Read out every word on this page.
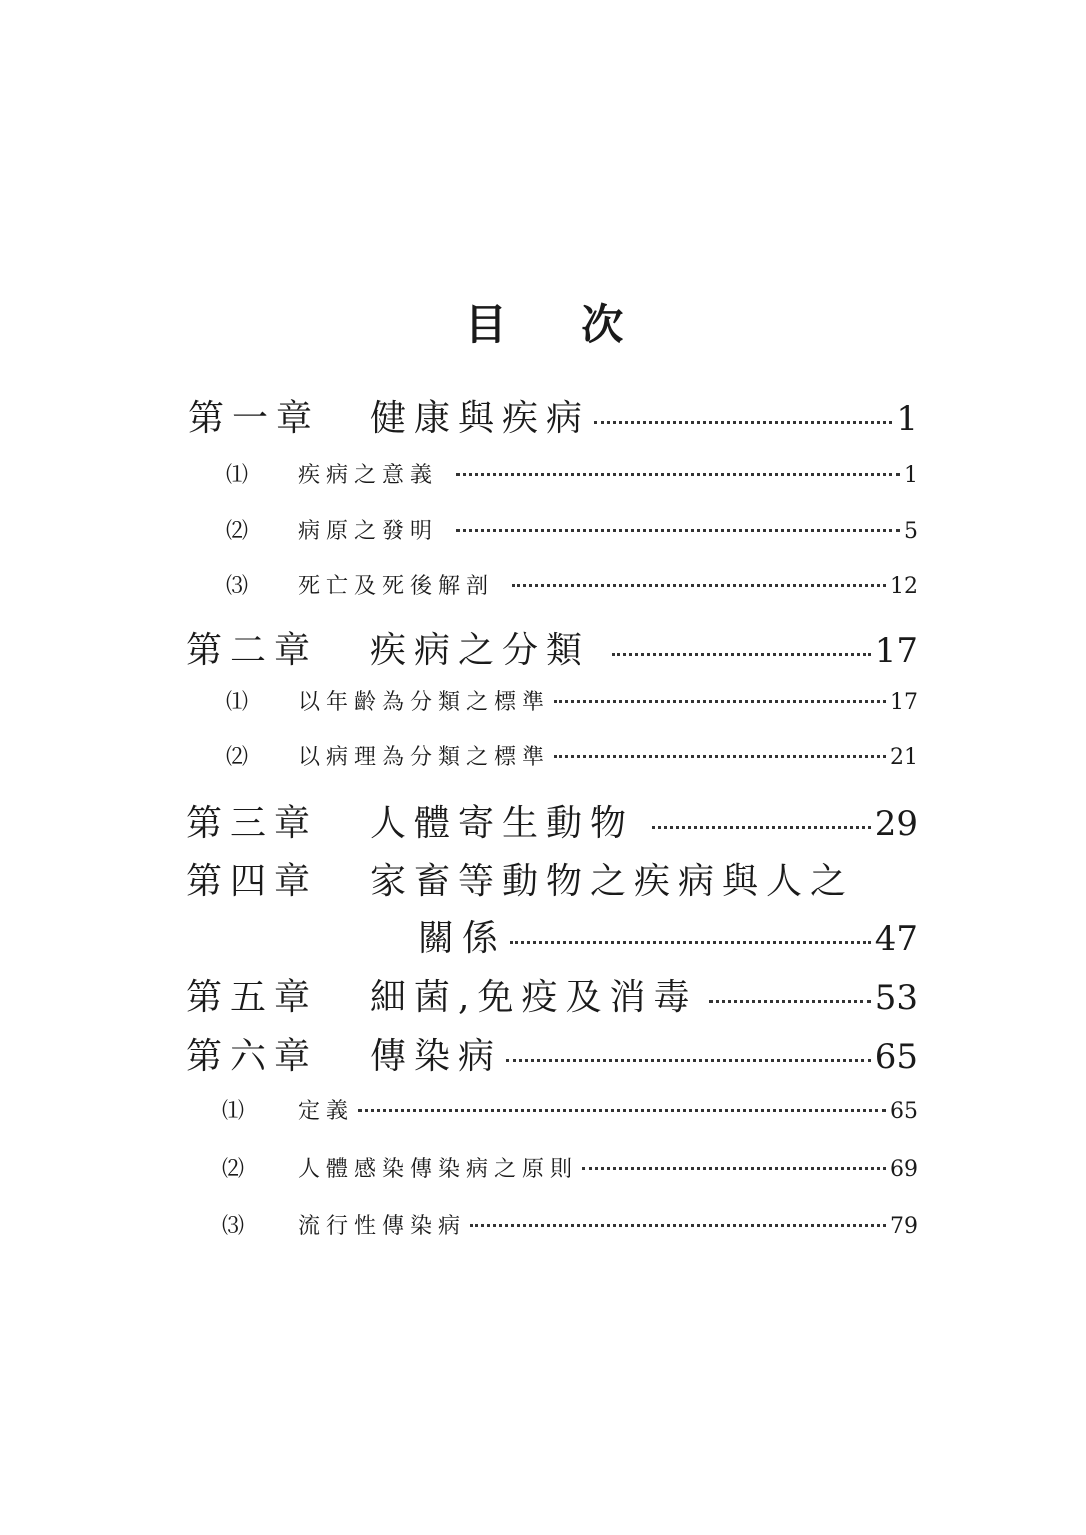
目 次
第一章	健康與疾病	1
⑴	疾病之意義	1
⑵	病原之發明	5
⑶	死亡及死後解剖	12
第二章	疾病之分類	17
⑴	以年齡為分類之標準	17
⑵	以病理為分類之標準	21
第三章	人體寄生動物	29
第四章	家畜等動物之疾病與人之
關係	47
第五章	細菌,免疫及消毒	53
第六章	傳染病	65
⑴	定義	65
⑵	人體感染傳染病之原則	69
⑶	流行性傳染病	79
